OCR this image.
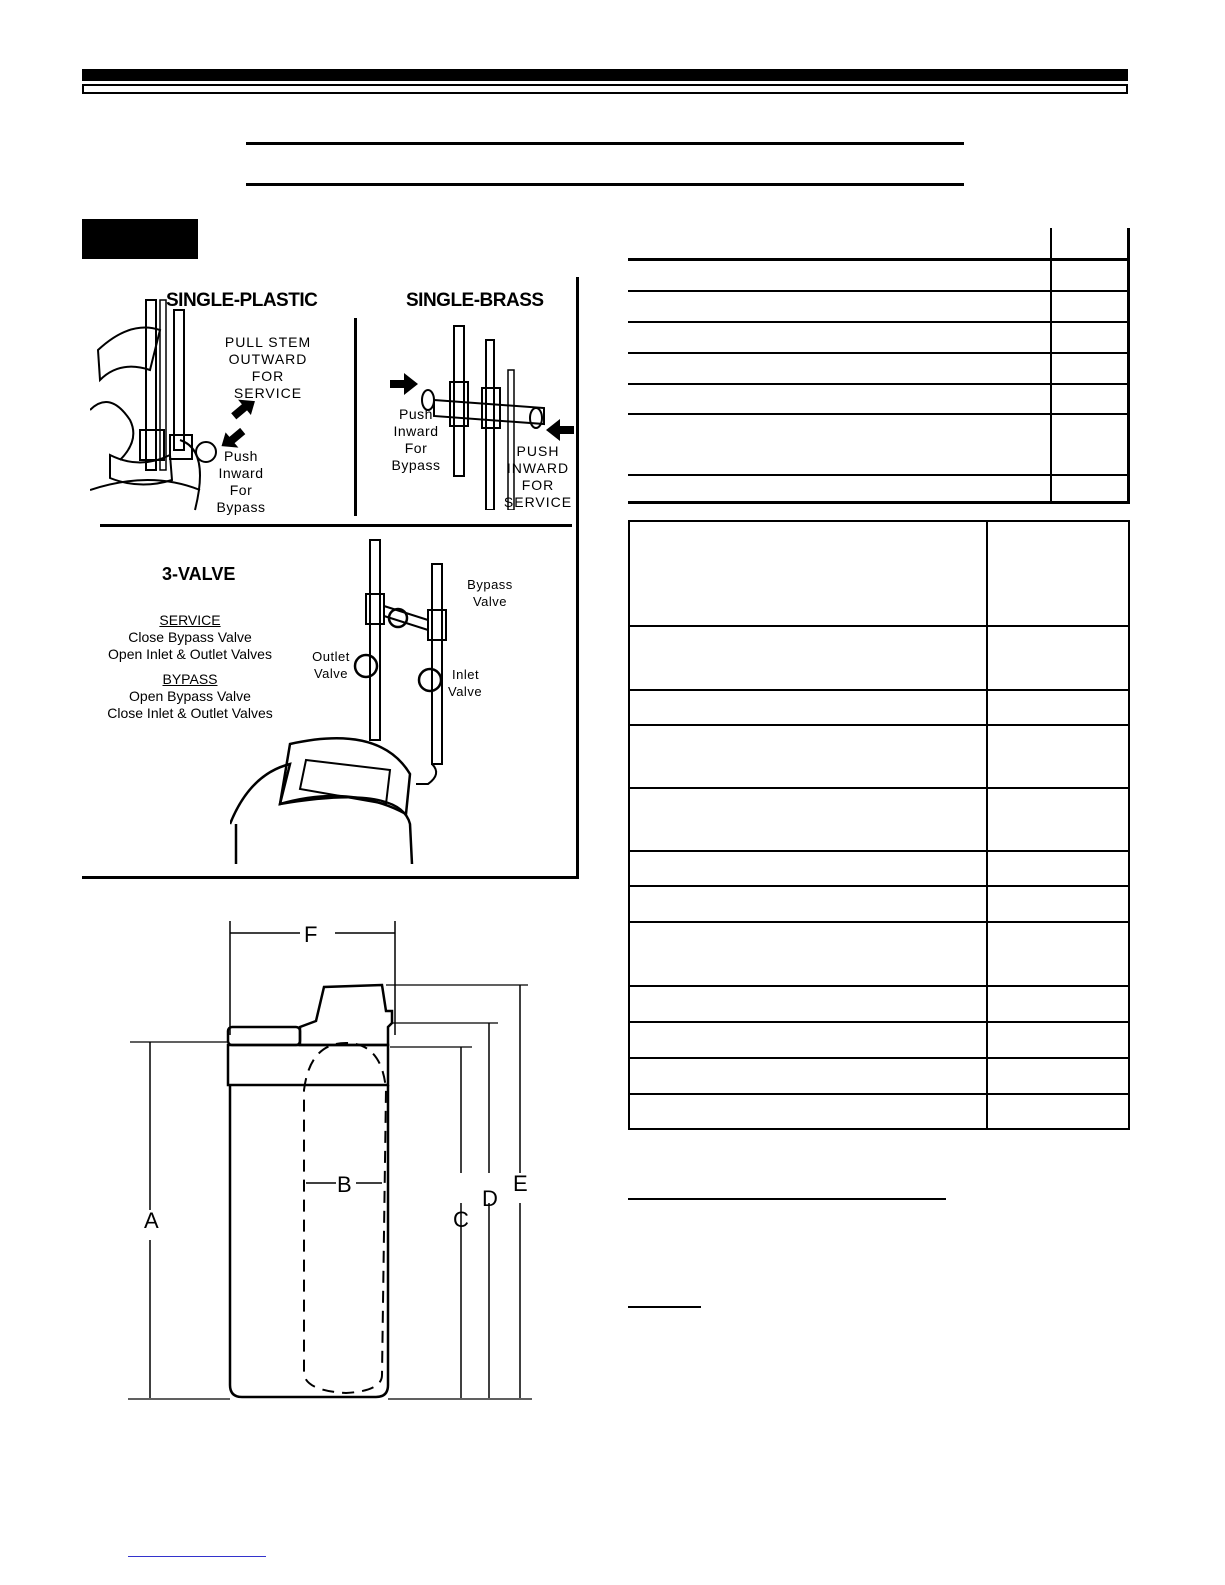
SINGLE-PLASTIC
PULL STEM
OUTWARD
FOR
SERVICE
Push
Inward
For
Bypass
SINGLE-BRASS
Push
Inward
For
Bypass
PUSH
INWARD
FOR
SERVICE
3-VALVE
SERVICE
Close Bypass Valve
Open Inlet & Outlet Valves
BYPASS
Open Bypass Valve
Close Inlet & Outlet Valves
Bypass
Valve
Outlet
Valve	Inlet
Valve
F
A
B
C
D
E
